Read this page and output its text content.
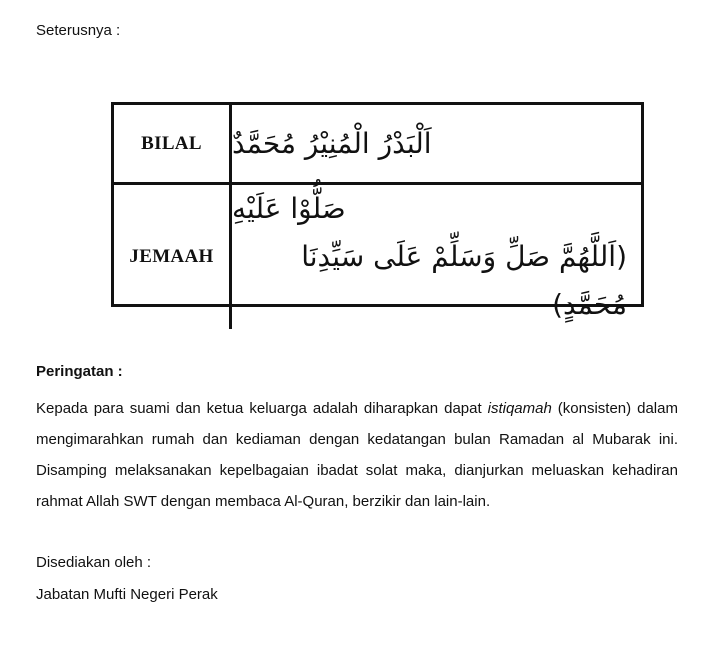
Seterusnya :
BILAL	اَلْبَدْرُ الْمُنِيْرُ مُحَمَّدٌ
JEMAAH
صَلُّوْا عَلَيْهِ
(اَللَّهُمَّ صَلِّ وَسَلِّمْ عَلَى سَيِّدِنَا مُحَمَّدٍ)
Peringatan :
Kepada para suami dan ketua keluarga adalah diharapkan dapat istiqamah (konsisten) dalam mengimarahkan rumah dan kediaman dengan kedatangan bulan Ramadan al Mubarak ini. Disamping melaksanakan kepelbagaian ibadat solat maka, dianjurkan meluaskan kehadiran rahmat Allah SWT dengan membaca Al-Quran, berzikir dan lain-lain.
Disediakan oleh :
Jabatan Mufti Negeri Perak
